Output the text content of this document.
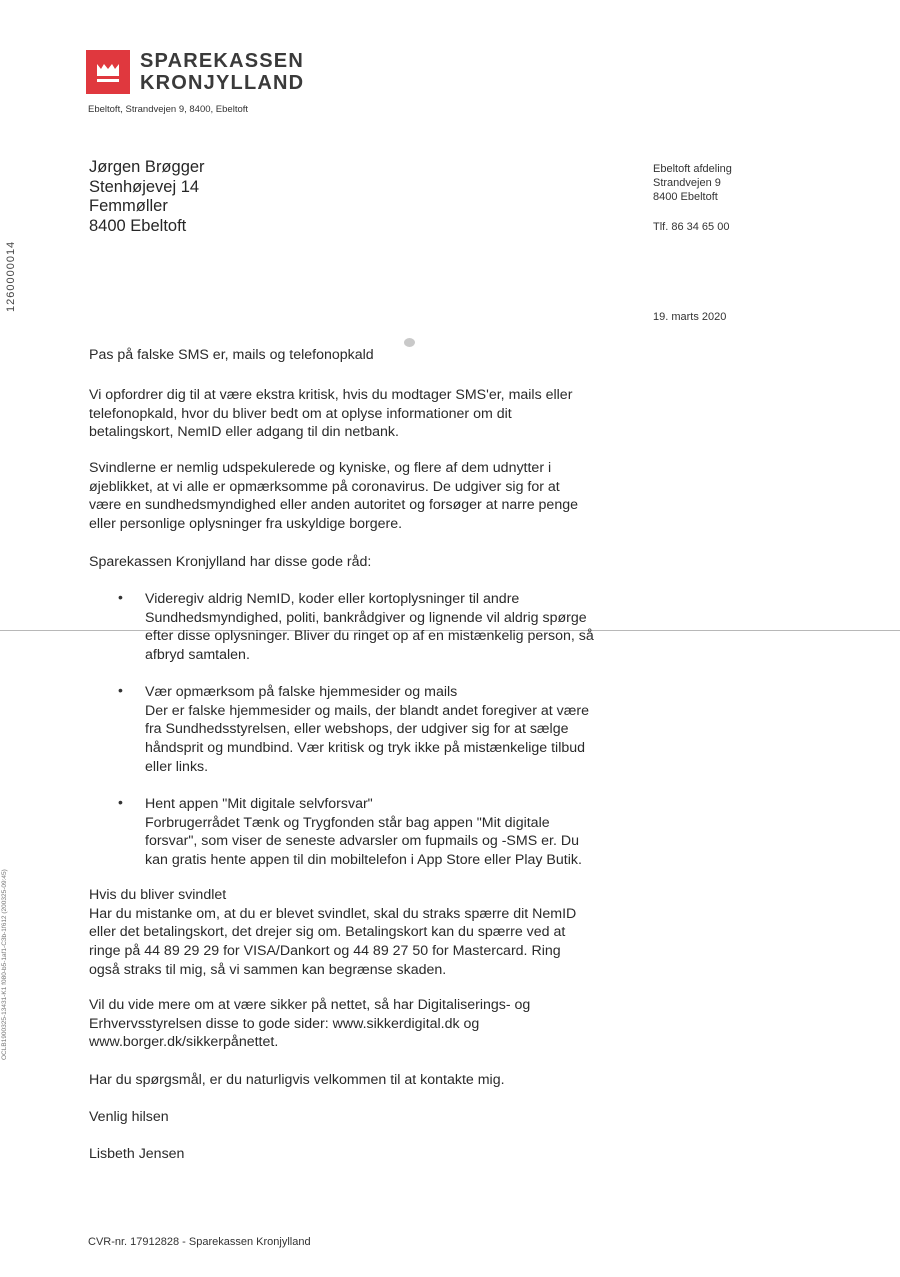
SPAREKASSEN
KRONJYLLAND
Ebeltoft, Strandvejen 9, 8400, Ebeltoft
Jørgen Brøgger
Stenhøjevej 14
Femmøller
8400 Ebeltoft
Ebeltoft afdeling
Strandvejen 9
8400 Ebeltoft
Tlf. 86 34 65 00
19. marts 2020
1260000014
OCLB1900325-13431-K1 f080-b5-1af1-C3b-1f612 (200325-09:45)
Pas på falske SMS er, mails og telefonopkald
Vi opfordrer dig til at være ekstra kritisk, hvis du modtager SMS'er, mails eller
telefonopkald, hvor du bliver bedt om at oplyse informationer om dit
betalingskort, NemID eller adgang til din netbank.
Svindlerne er nemlig udspekulerede og kyniske, og flere af dem udnytter i
øjeblikket, at vi alle er opmærksomme på coronavirus. De udgiver sig for at
være en sundhedsmyndighed eller anden autoritet og forsøger at narre penge
eller personlige oplysninger fra uskyldige borgere.
Sparekassen Kronjylland har disse gode råd:
• Videregiv aldrig NemID, koder eller kortoplysninger til andre
Sundhedsmyndighed, politi, bankrådgiver og lignende vil aldrig spørge
efter disse oplysninger. Bliver du ringet op af en mistænkelig person, så
afbryd samtalen.
• Vær opmærksom på falske hjemmesider og mails
Der er falske hjemmesider og mails, der blandt andet foregiver at være
fra Sundhedsstyrelsen, eller webshops, der udgiver sig for at sælge
håndsprit og mundbind. Vær kritisk og tryk ikke på mistænkelige tilbud
eller links.
• Hent appen "Mit digitale selvforsvar"
Forbrugerrådet Tænk og Trygfonden står bag appen "Mit digitale
forsvar", som viser de seneste advarsler om fupmails og -SMS er. Du
kan gratis hente appen til din mobiltelefon i App Store eller Play Butik.
Hvis du bliver svindlet
Har du mistanke om, at du er blevet svindlet, skal du straks spærre dit NemID
eller det betalingskort, det drejer sig om. Betalingskort kan du spærre ved at
ringe på 44 89 29 29 for VISA/Dankort og 44 89 27 50 for Mastercard. Ring
også straks til mig, så vi sammen kan begrænse skaden.
Vil du vide mere om at være sikker på nettet, så har Digitaliserings- og
Erhvervsstyrelsen disse to gode sider: www.sikkerdigital.dk og
www.borger.dk/sikkerpånettet.
Har du spørgsmål, er du naturligvis velkommen til at kontakte mig.
Venlig hilsen
Lisbeth Jensen
CVR-nr. 17912828 - Sparekassen Kronjylland
